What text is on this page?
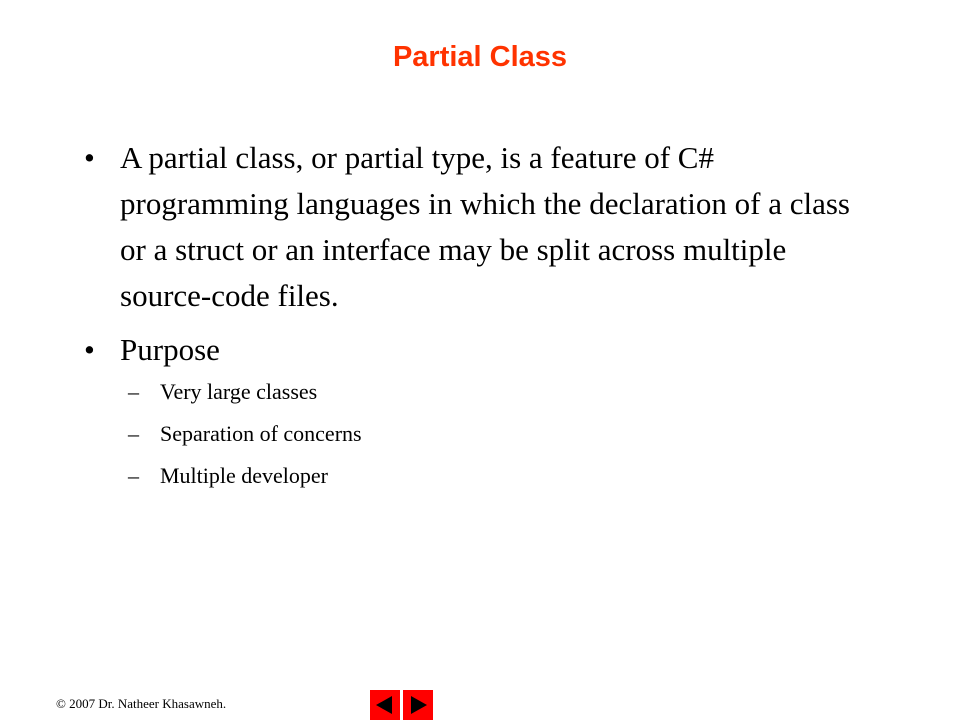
Partial Class
• A partial class, or partial type, is a feature of C# programming languages in which the declaration of a class or a struct or an interface may be split across multiple source-code files.
• Purpose
– Very large classes
– Separation of concerns
– Multiple developer
© 2007 Dr. Natheer Khasawneh.
